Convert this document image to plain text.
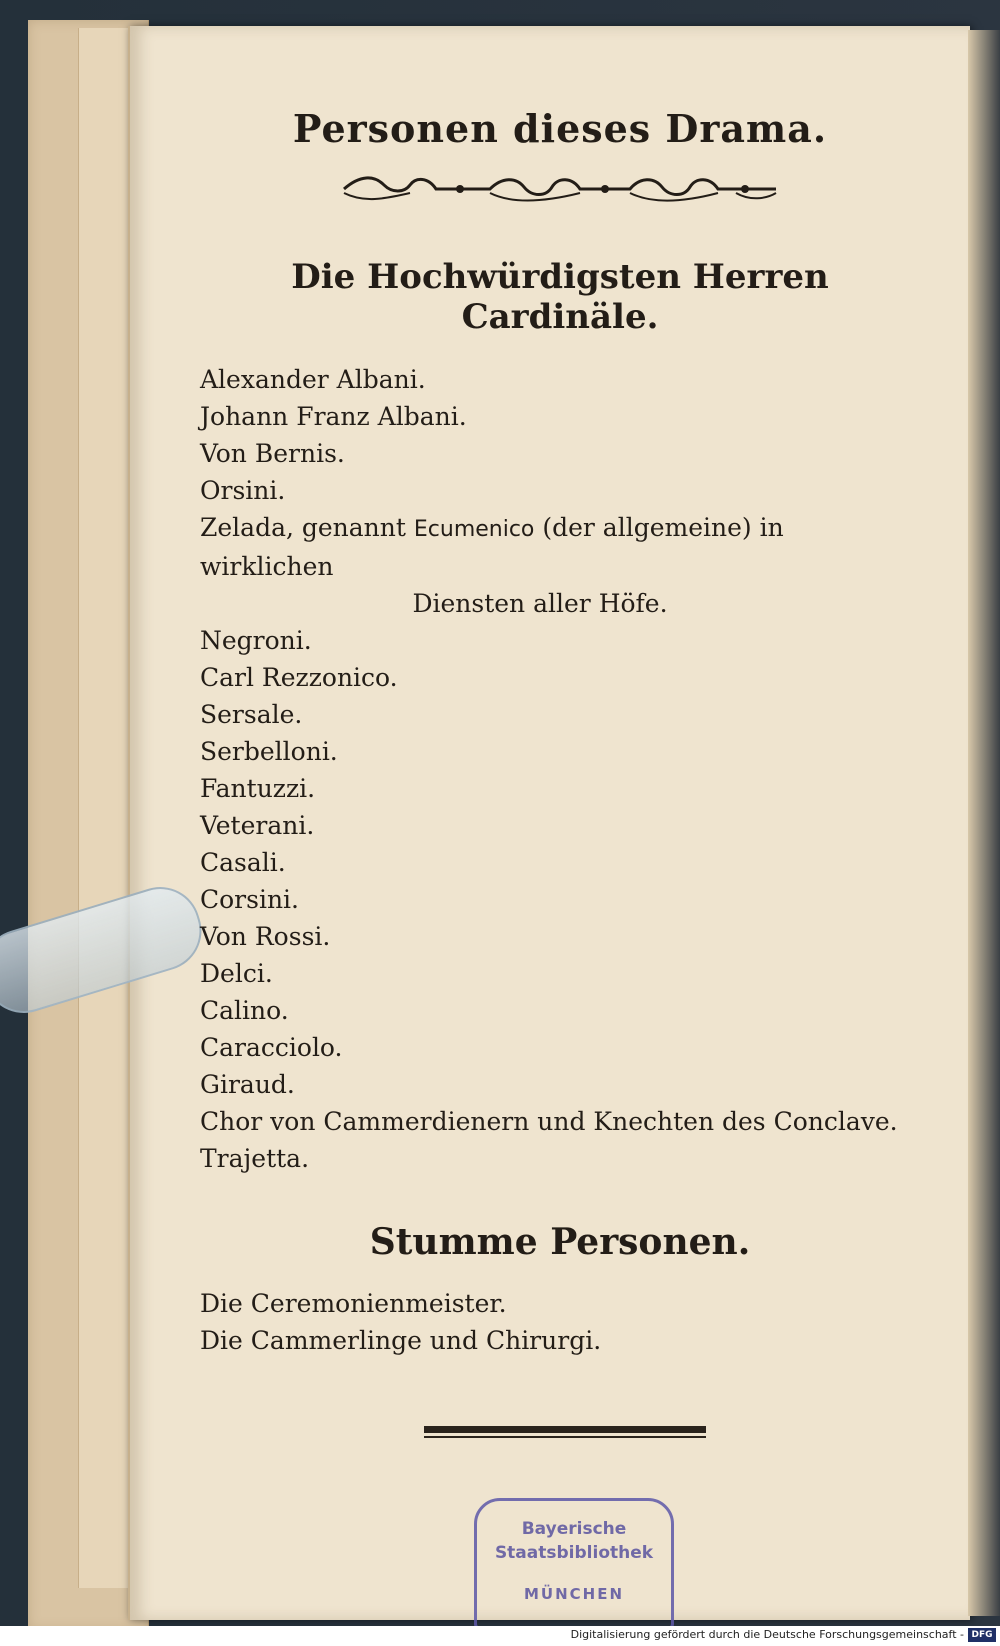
Personen dieses Drama.
Die Hochwürdigsten Herren Cardinäle.
Alexander Albani.
Johann Franz Albani.
Von Bernis.
Orsini.
Zelada, genannt Ecumenico (der allgemeine) in wirklichen
Diensten aller Höfe.
Negroni.
Carl Rezzonico.
Sersale.
Serbelloni.
Fantuzzi.
Veterani.
Casali.
Corsini.
Von Rossi.
Delci.
Calino.
Caracciolo.
Giraud.
Chor von Cammerdienern und Knechten des Conclave.
Trajetta.
Stumme Personen.
Die Ceremonienmeister.
Die Cammerlinge und Chirurgi.
Bayerische
Staatsbibliothek
MÜNCHEN
Digitalisierung gefördert durch die Deutsche Forschungsgemeinschaft - DFG
